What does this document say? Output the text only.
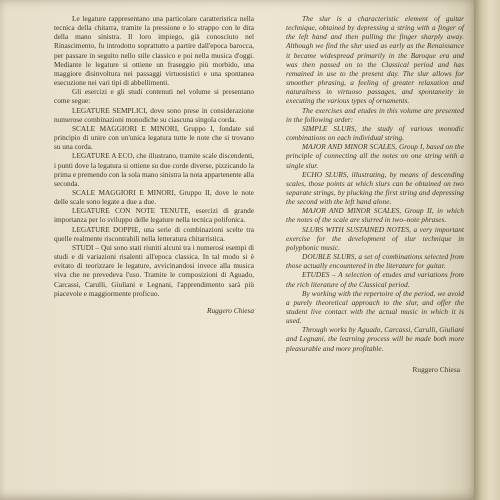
Le legature rappresentano una particolare caratteristica nella tecnica della chitarra, tramite la pressione e lo strappo con le dita della mano sinistra. Il loro impiego, già conosciuto nel Rinascimento, fu introdotto soprattutto a partire dall'epoca barocca, per passare in seguito nello stile classico e poi nella musica d'oggi. Mediante le legature si ottiene un fraseggio più morbido, una maggiore disinvoltura nei passaggi virtuosistici e una spontanea esecuzione nei vari tipi di abbellimenti.

Gli esercizi e gli studi contenuti nel volume si presentano come segue:

LEGATURE SEMPLICI, dove sono prese in considerazione numerose combinazioni monodiche su ciascuna singola corda.

SCALE MAGGIORI E MINORI, Gruppo I, fondate sul principio di unire con un'unica legatura tutte le note che si trovano su una corda.

LEGATURE A ECO, che illustrano, tramite scale discendenti, i punti dove la legatura si ottiene su due corde diverse, pizzicando la prima e premendo con la sola mano sinistra la nota appartenente alla seconda.

SCALE MAGGIORI E MINORI, Gruppo II, dove le note delle scale sono legate a due a due.

LEGATURE CON NOTE TENUTE, esercizi di grande importanza per lo sviluppo delle legature nella tecnica polifonica.

LEGATURE DOPPIE, una serie di combinazioni scelte tra quelle realmente riscontrabili nella letteratura chitarristica.

STUDI – Qui sono stati riuniti alcuni tra i numerosi esempi di studi e di variazioni risalenti all'epoca classica. In tal modo si è evitato di teorizzare le legature, avvicinandosi invece alla musica viva che ne prevedeva l'uso. Tramite le composizioni di Aguado, Carcassi, Carulli, Giuliani e Legnani, l'apprendimento sarà più piacevole e maggiormente proficuo.

Ruggero Chiesa

The slur is a characteristic element of guitar technique, obtained by depressing a string with a finger of the left hand and then pulling the finger sharply away. Although we find the slur used as early as the Renaissance it became widespread primarily in the Baroque era and was then passed on to the Classical period and has remained in use to the present day. The slur allows for smoother phrasing, a feeling of greater relaxation and naturalness in virtuoso passages, and spontaneity in executing the various types of ornaments.

The exercises and etudes in this volume are presented in the following order:

SIMPLE SLURS, the study of various monodic combinations on each individual string.

MAJOR AND MINOR SCALES, Group I, based on the principle of connecting all the notes on one string with a single slur.

ECHO SLURS, illustrating, by means of descending scales, those points at which slurs can be obtained on two separate strings, by plucking the first string and depressing the second with the left hand alone.

MAJOR AND MINOR SCALES, Group II, in which the notes of the scale are slurred in two–note phrases.

SLURS WITH SUSTAINED NOTES, a very important exercise for the development of slur technique in polyphonic music.

DOUBLE SLURS, a set of combinations selected from those actually encountered in the literature for guitar.

ETUDES – A selection of etudes and variations from the rich literature of the Classical period.

By working with the repertoire of the period, we avoid a purely theoretical approach to the slur, and offer the student live contact with the actual music in which it is used.

Through works by Aguado, Carcassi, Carulli, Giuliani and Legnani, the learning process will be made both more pleasurable and more profitable.

Ruggero Chiesa
